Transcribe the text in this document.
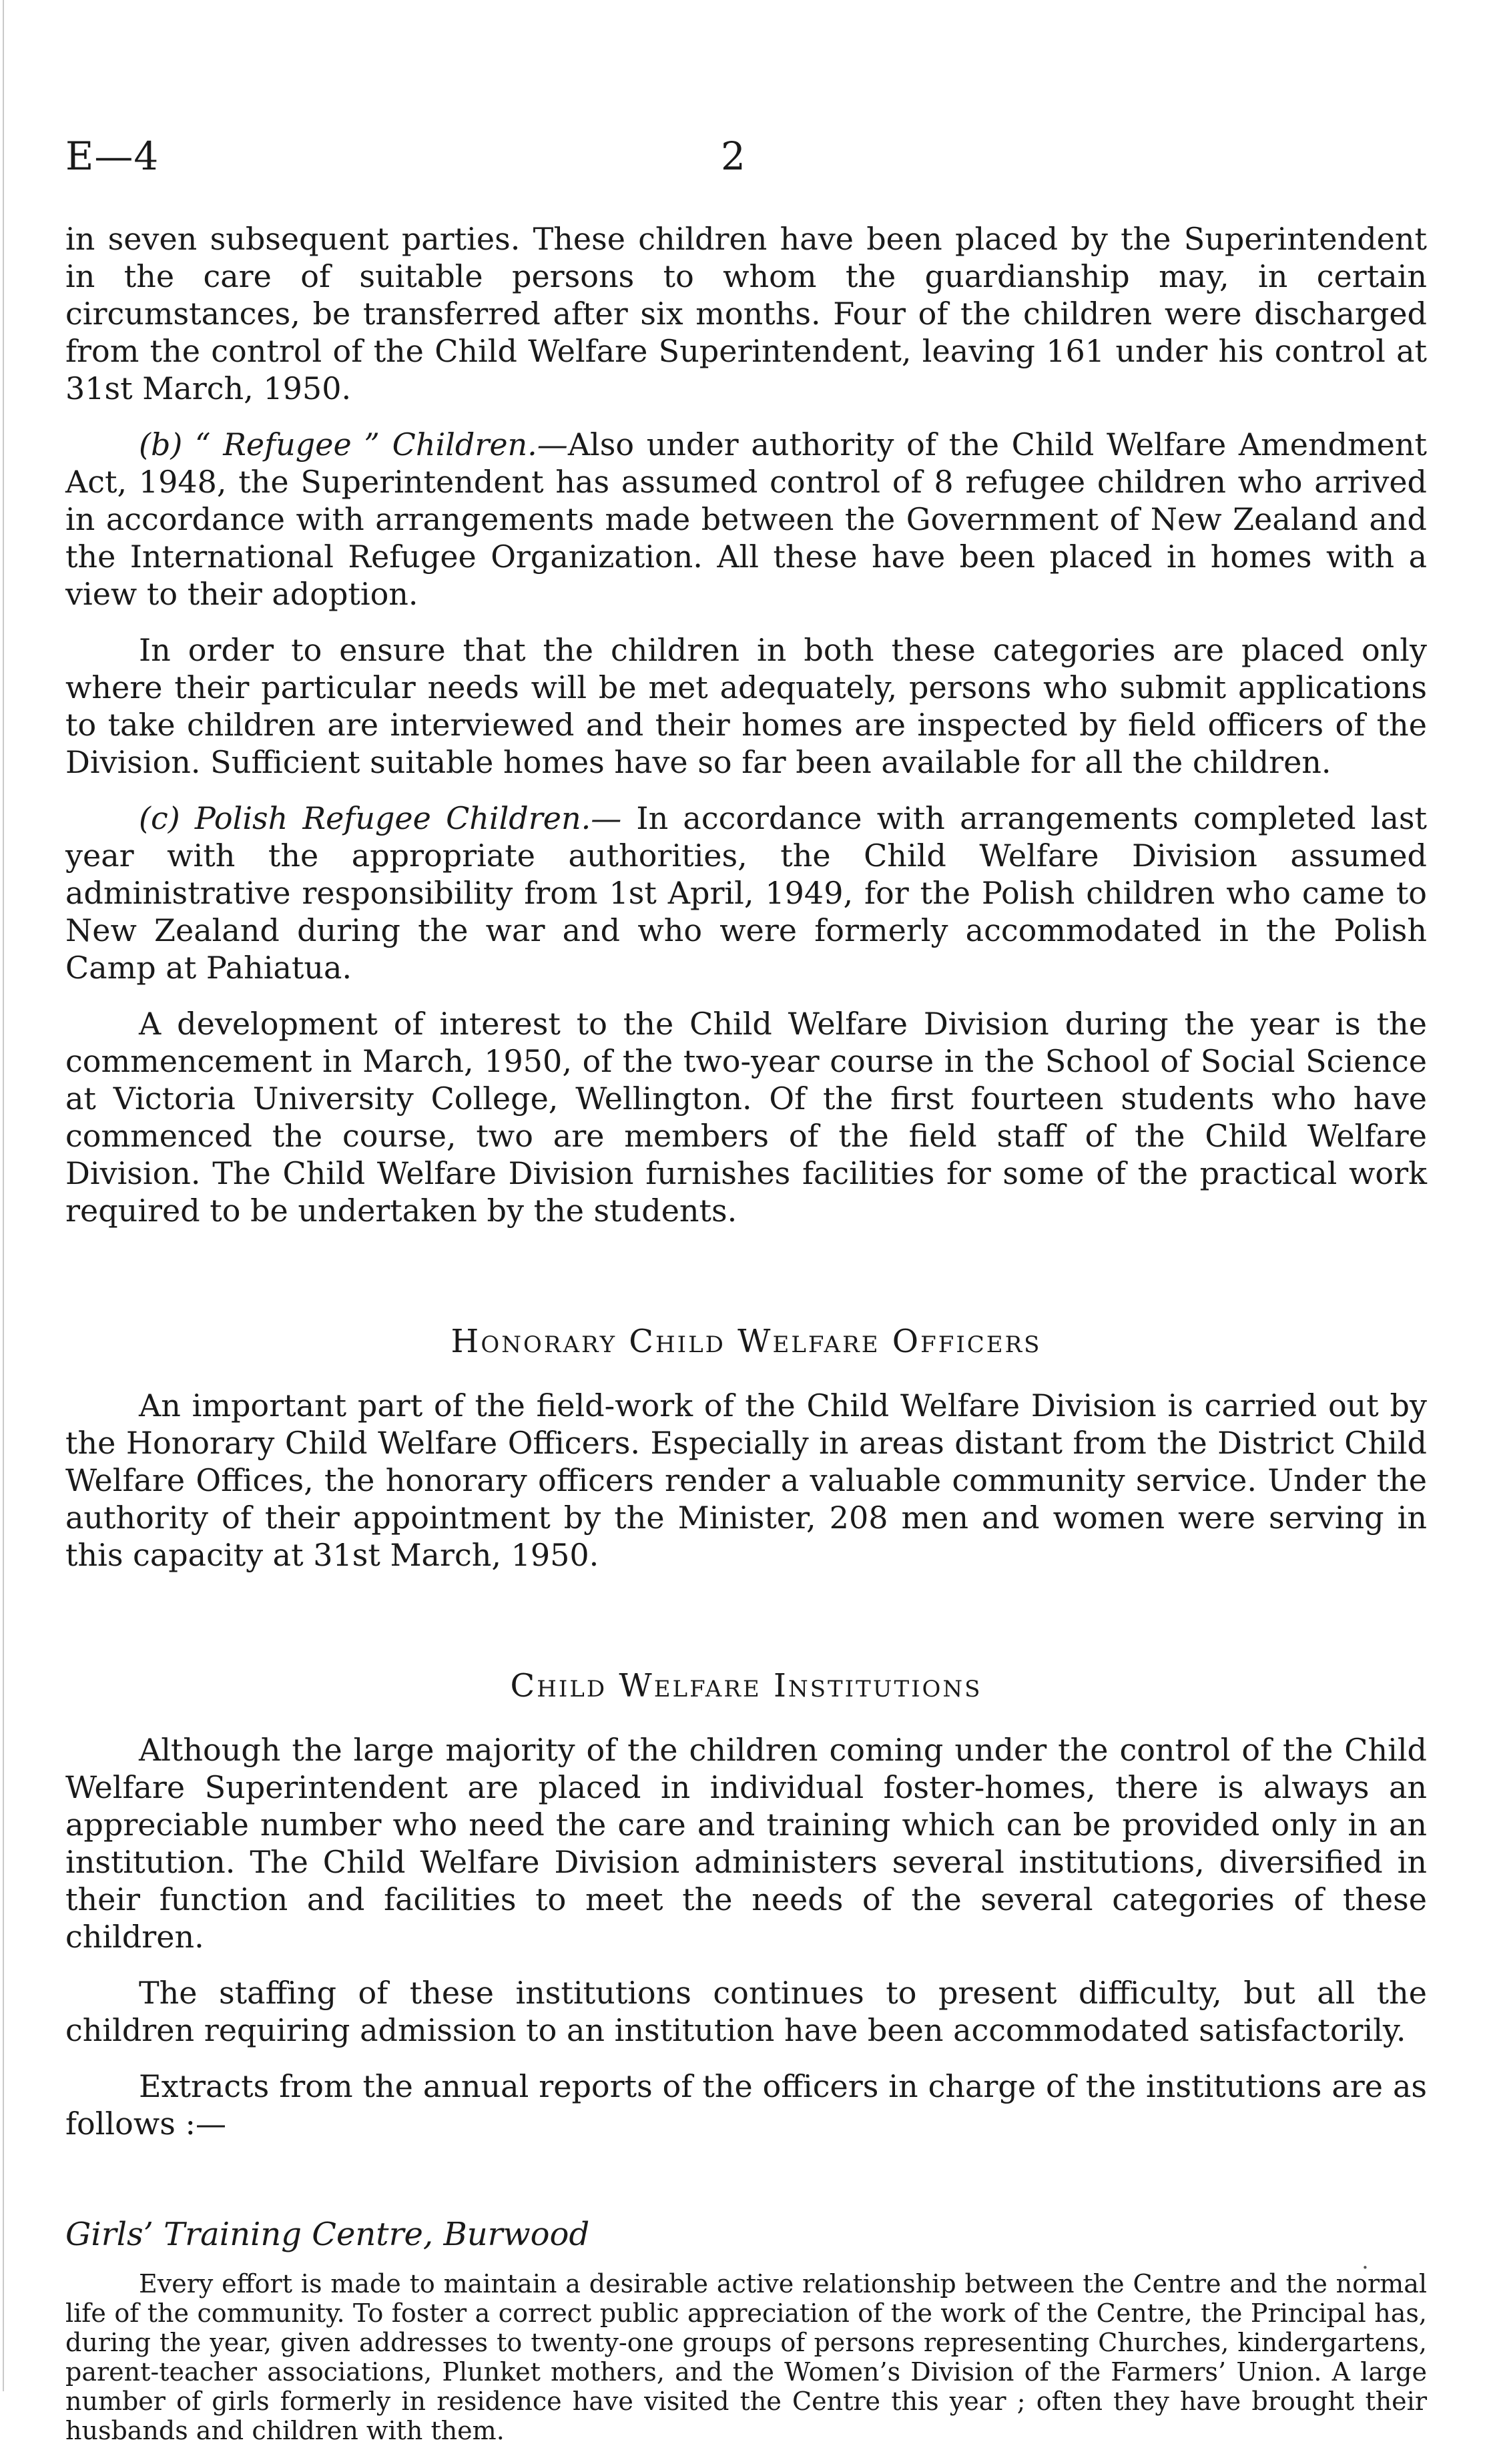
E—4	2

in seven subsequent parties. These children have been placed by the Superintendent in the care of suitable persons to whom the guardianship may, in certain circumstances, be transferred after six months. Four of the children were discharged from the control of the Child Welfare Superintendent, leaving 161 under his control at 31st March, 1950.

(b) “ Refugee ” Children.—Also under authority of the Child Welfare Amendment Act, 1948, the Superintendent has assumed control of 8 refugee children who arrived in accordance with arrangements made between the Government of New Zealand and the International Refugee Organization. All these have been placed in homes with a view to their adoption.

In order to ensure that the children in both these categories are placed only where their particular needs will be met adequately, persons who submit applications to take children are interviewed and their homes are inspected by field officers of the Division. Sufficient suitable homes have so far been available for all the children.

(c) Polish Refugee Children.— In accordance with arrangements completed last year with the appropriate authorities, the Child Welfare Division assumed administrative responsibility from 1st April, 1949, for the Polish children who came to New Zealand during the war and who were formerly accommodated in the Polish Camp at Pahiatua.

A development of interest to the Child Welfare Division during the year is the commencement in March, 1950, of the two-year course in the School of Social Science at Victoria University College, Wellington. Of the first fourteen students who have commenced the course, two are members of the field staff of the Child Welfare Division. The Child Welfare Division furnishes facilities for some of the practical work required to be undertaken by the students.

Honorary Child Welfare Officers

An important part of the field-work of the Child Welfare Division is carried out by the Honorary Child Welfare Officers. Especially in areas distant from the District Child Welfare Offices, the honorary officers render a valuable community service. Under the authority of their appointment by the Minister, 208 men and women were serving in this capacity at 31st March, 1950.

Child Welfare Institutions

Although the large majority of the children coming under the control of the Child Welfare Superintendent are placed in individual foster-homes, there is always an appreciable number who need the care and training which can be provided only in an institution. The Child Welfare Division administers several institutions, diversified in their function and facilities to meet the needs of the several categories of these children.

The staffing of these institutions continues to present difficulty, but all the children requiring admission to an institution have been accommodated satisfactorily.

Extracts from the annual reports of the officers in charge of the institutions are as follows :—

Girls’ Training Centre, Burwood

Every effort is made to maintain a desirable active relationship between the Centre and the normal life of the community. To foster a correct public appreciation of the work of the Centre, the Principal has, during the year, given addresses to twenty-one groups of persons representing Churches, kindergartens, parent-teacher associations, Plunket mothers, and the Women’s Division of the Farmers’ Union. A large number of girls formerly in residence have visited the Centre this year ; often they have brought their husbands and children with them.

.
